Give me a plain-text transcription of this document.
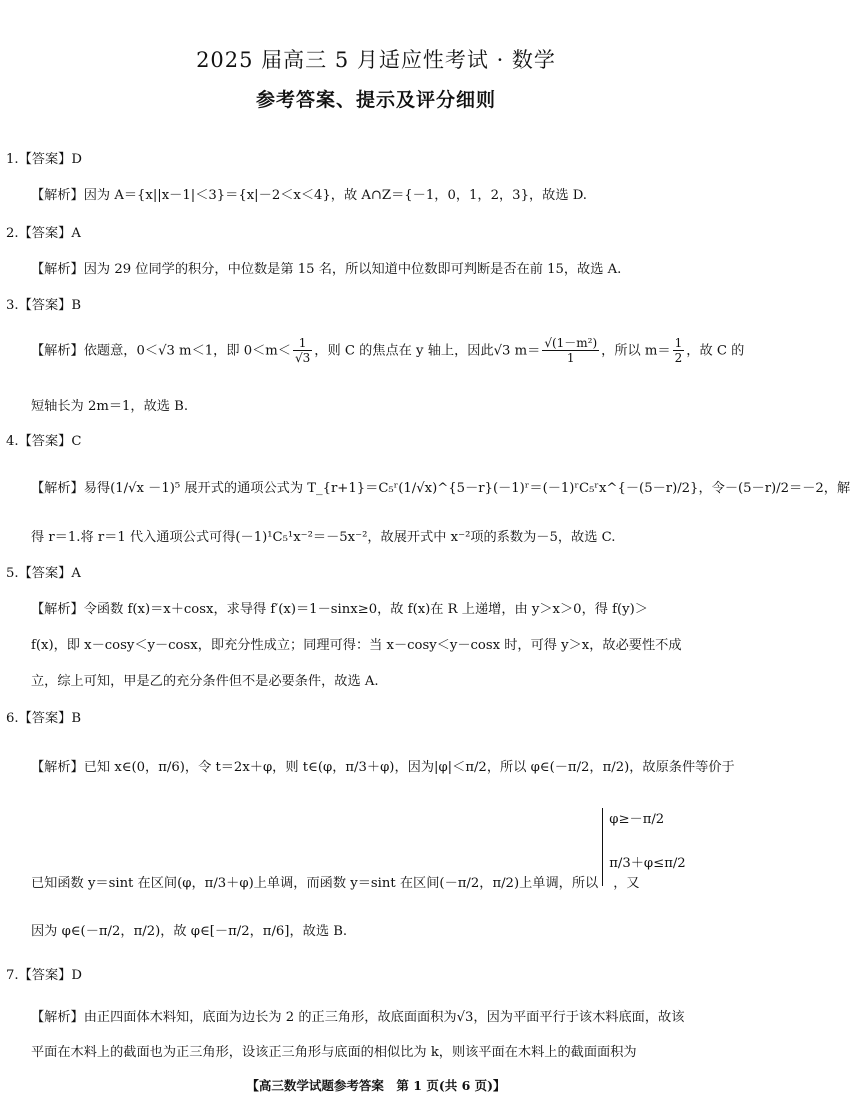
2025 届高三 5 月适应性考试 · 数学
参考答案、提示及评分细则
1.【答案】D
【解析】因为 A＝{x||x－1|＜3}＝{x|－2＜x＜4}，故 A∩Z＝{－1，0，1，2，3}，故选 D.
2.【答案】A
【解析】因为 29 位同学的积分，中位数是第 15 名，所以知道中位数即可判断是否在前 15，故选 A.
3.【答案】B
【解析】依题意，0＜√3 m＜1，即 $0<m< \frac{1}{√3}$ ，则 C 的焦点在 y 轴上，因此√3 $m= \frac{\text{√(1－m²)}}{1}$ ，所以 $m= \frac{1}{2}$ ，故 C 的
短轴长为 2m＝1，故选 B.
4.【答案】C
【解析】易得(1/√x －1)⁵ 展开式的通项公式为 T_{r+1}＝C₅ʳ(1/√x)^{5－r}(－1)ʳ＝(－1)ʳC₅ʳx^{－(5－r)/2}，令－(5－r)/2＝－2，解
得 r＝1.将 r＝1 代入通项公式可得(－1)¹C₅¹x⁻²＝－5x⁻²，故展开式中 x⁻²项的系数为－5，故选 C.
5.【答案】A
【解析】令函数 f(x)＝x＋cosx，求导得 f′(x)＝1－sinx≥0，故 f(x)在 R 上递增，由 y＞x＞0，得 f(y)＞
f(x)，即 x－cosy＜y－cosx，即充分性成立；同理可得：当 x－cosy＜y－cosx 时，可得 y＞x，故必要性不成
立，综上可知，甲是乙的充分条件但不是必要条件，故选 A.
6.【答案】B
【解析】已知 x∈(0，π/6)，令 t＝2x＋φ，则 t∈(φ，π/3＋φ)，因为|φ|＜π/2，所以 φ∈(－π/2，π/2)，故原条件等价于
已知函数 y＝sint 在区间(φ，π/3＋φ)上单调，而函数 y＝sint 在区间(－π/2，π/2)上单调，所以
φ≥－π/2
π/3＋φ≤π/2
，又
因为 φ∈(－π/2，π/2)，故 φ∈[－π/2，π/6]，故选 B.
7.【答案】D
【解析】由正四面体木料知，底面为边长为 2 的正三角形，故底面面积为√3，因为平面平行于该木料底面，故该
平面在木料上的截面也为正三角形，设该正三角形与底面的相似比为 k，则该平面在木料上的截面面积为
【高三数学试题参考答案　第 1 页(共 6 页)】
